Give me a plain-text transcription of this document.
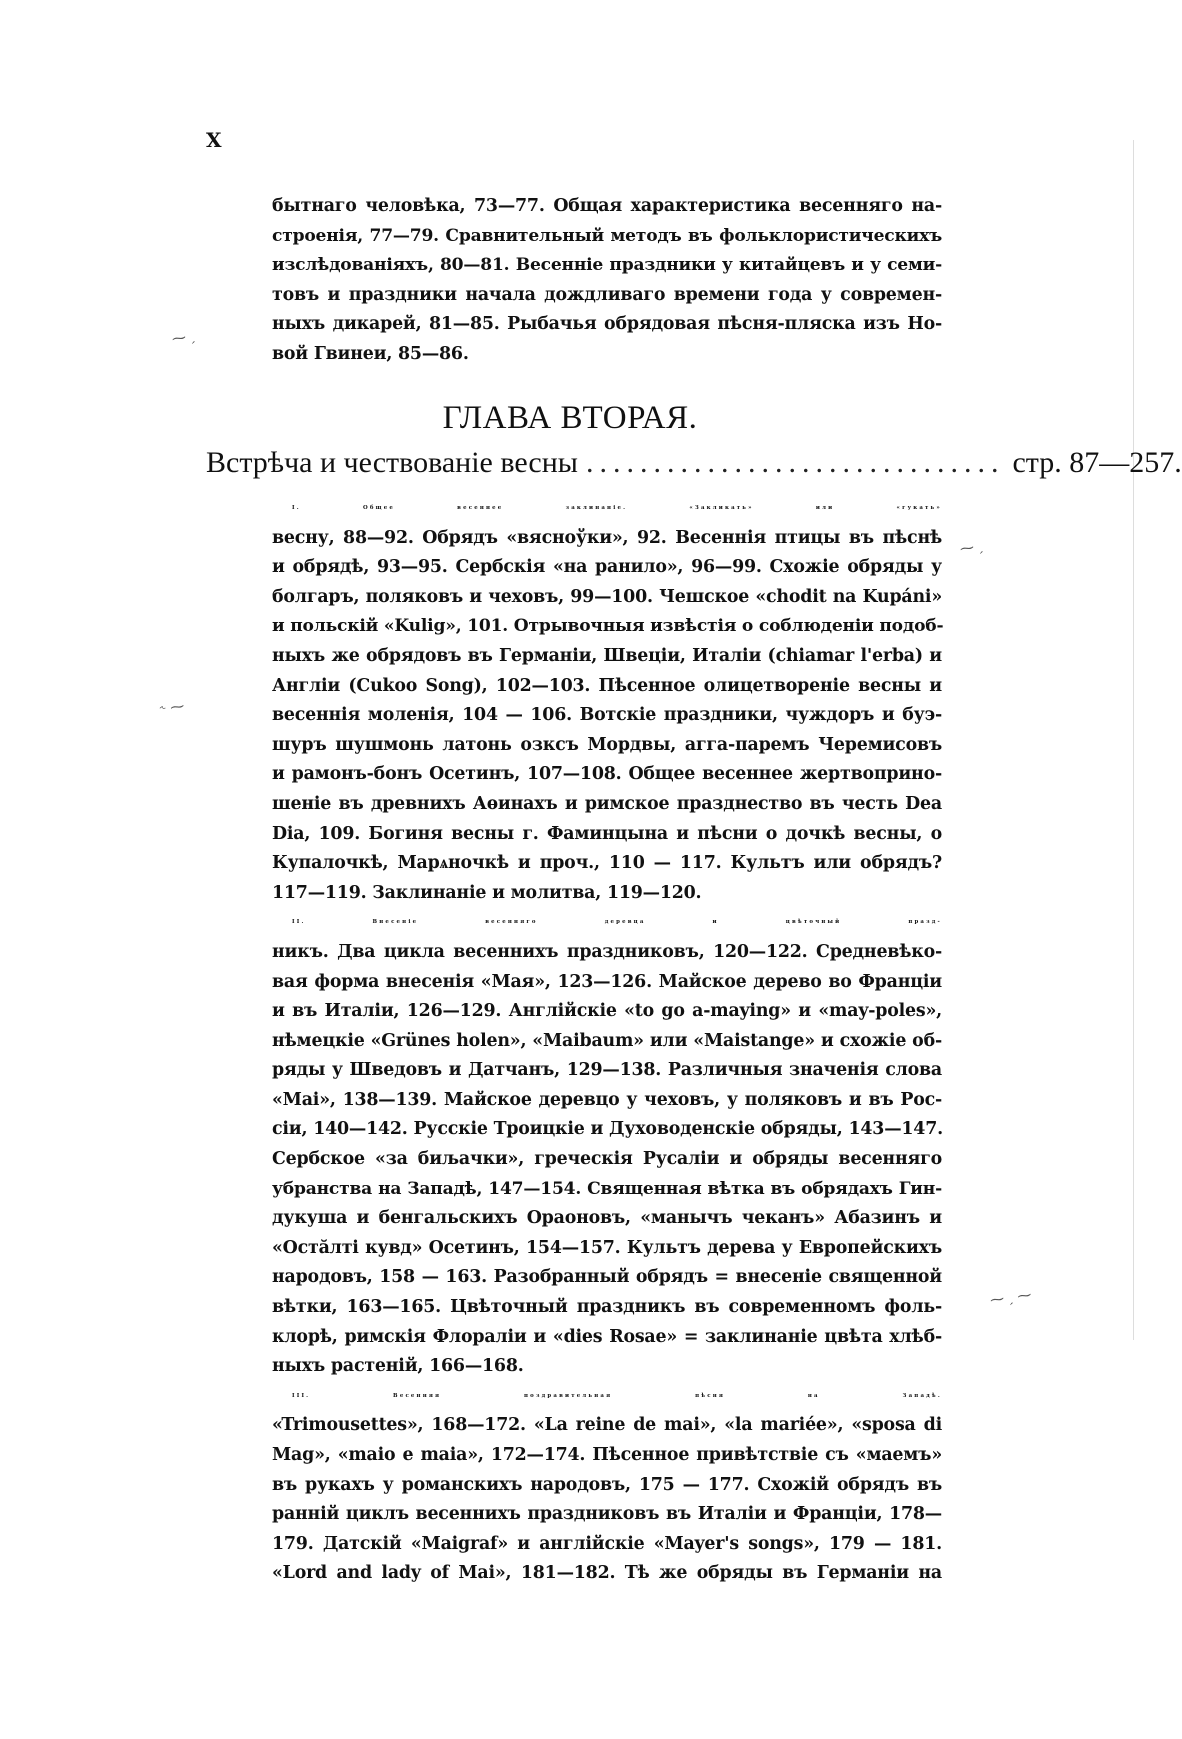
X
⁓ ˏ
˞ ⁓
⁓ ˏ
⁓ ˏ ⁓
бытнаго человѣка, 73—77. Общая характеристика весенняго на-
строенія, 77—79. Сравнительный методъ въ фольклористическихъ
изслѣдованіяхъ, 80—81. Весенніе праздники у китайцевъ и у семи-
товъ и праздники начала дождливаго времени года у современ-
ныхъ дикарей, 81—85. Рыбачья обрядовая пѣсня-пляска изъ Но-
вой Гвинеи, 85—86.
ГЛАВА ВТОРАЯ.
Встрѣча и чествованіе весны ............................... стр. 87—257.
I. Общее весеннее заклинаніе. «Закликать» или «гукать»
весну, 88—92. Обрядъ «вясноўки», 92. Весеннія птицы въ пѣснѣ
и обрядѣ, 93—95. Сербскія «на ранило», 96—99. Схожіе обряды у
болгаръ, поляковъ и чеховъ, 99—100. Чешское «chodit na Kupáni»
и польскій «Kulig», 101. Отрывочныя извѣстія о соблюденіи подоб-
ныхъ же обрядовъ въ Германіи, Швеціи, Италіи (chiamar l'erba) и
Англіи (Cukoo Song), 102—103. Пѣсенное олицетвореніе весны и
весеннія моленія, 104 — 106. Вотскіе праздники, чуждоръ и буэ-
шуръ шушмонь латонь озксъ Мордвы, агга-паремъ Черемисовъ
и рамонъ-бонъ Осетинъ, 107—108. Общее весеннее жертвоприно-
шеніе въ древнихъ Аѳинахъ и римское празднество въ честь Dea
Dia, 109. Богиня весны г. Фаминцына и пѣсни о дочкѣ весны, о
Купалочкѣ, Марѧночкѣ и проч., 110 — 117. Культъ или обрядъ?
117—119. Заклинаніе и молитва, 119—120.
II. Внесеніе весенняго деревца и цвѣточный празд-
никъ. Два цикла весеннихъ праздниковъ, 120—122. Средневѣко-
вая форма внесенія «Мая», 123—126. Майское дерево во Франціи
и въ Италіи, 126—129. Англійскіе «to go a-maying» и «may-poles»,
нѣмецкіе «Grünes holen», «Maibaum» или «Maistange» и схожіе об-
ряды у Шведовъ и Датчанъ, 129—138. Различныя значенія слова
«Mai», 138—139. Майское деревцо у чеховъ, у поляковъ и въ Рос-
сіи, 140—142. Русскіе Троицкіе и Духоводенскіе обряды, 143—147.
Сербское «за биљачки», греческія Русаліи и обряды весенняго
убранства на Западѣ, 147—154. Священная вѣтка въ обрядахъ Гин-
дукуша и бенгальскихъ Ораоновъ, «манычъ чеканъ» Абазинъ и
«Остăлті кувд» Осетинъ, 154—157. Культъ дерева у Европейскихъ
народовъ, 158 — 163. Разобранный обрядъ = внесеніе священной
вѣтки, 163—165. Цвѣточный праздникъ въ современномъ фоль-
клорѣ, римскія Флораліи и «dies Rosae» = заклинаніе цвѣта хлѣб-
ныхъ растеній, 166—168.
III. Весенняя поздравительная пѣсня на Западѣ.
«Trimousettes», 168—172. «La reine de mai», «la mariée», «sposa di
Mag», «maio e maia», 172—174. Пѣсенное привѣтствіе съ «маемъ»
въ рукахъ у романскихъ народовъ, 175 — 177. Схожій обрядъ въ
ранній циклъ весеннихъ праздниковъ въ Италіи и Франціи, 178—
179. Датскій «Maigraf» и англійскіе «Mayer's songs», 179 — 181.
«Lord and lady of Mai», 181—182. Тѣ же обряды въ Германіи на
